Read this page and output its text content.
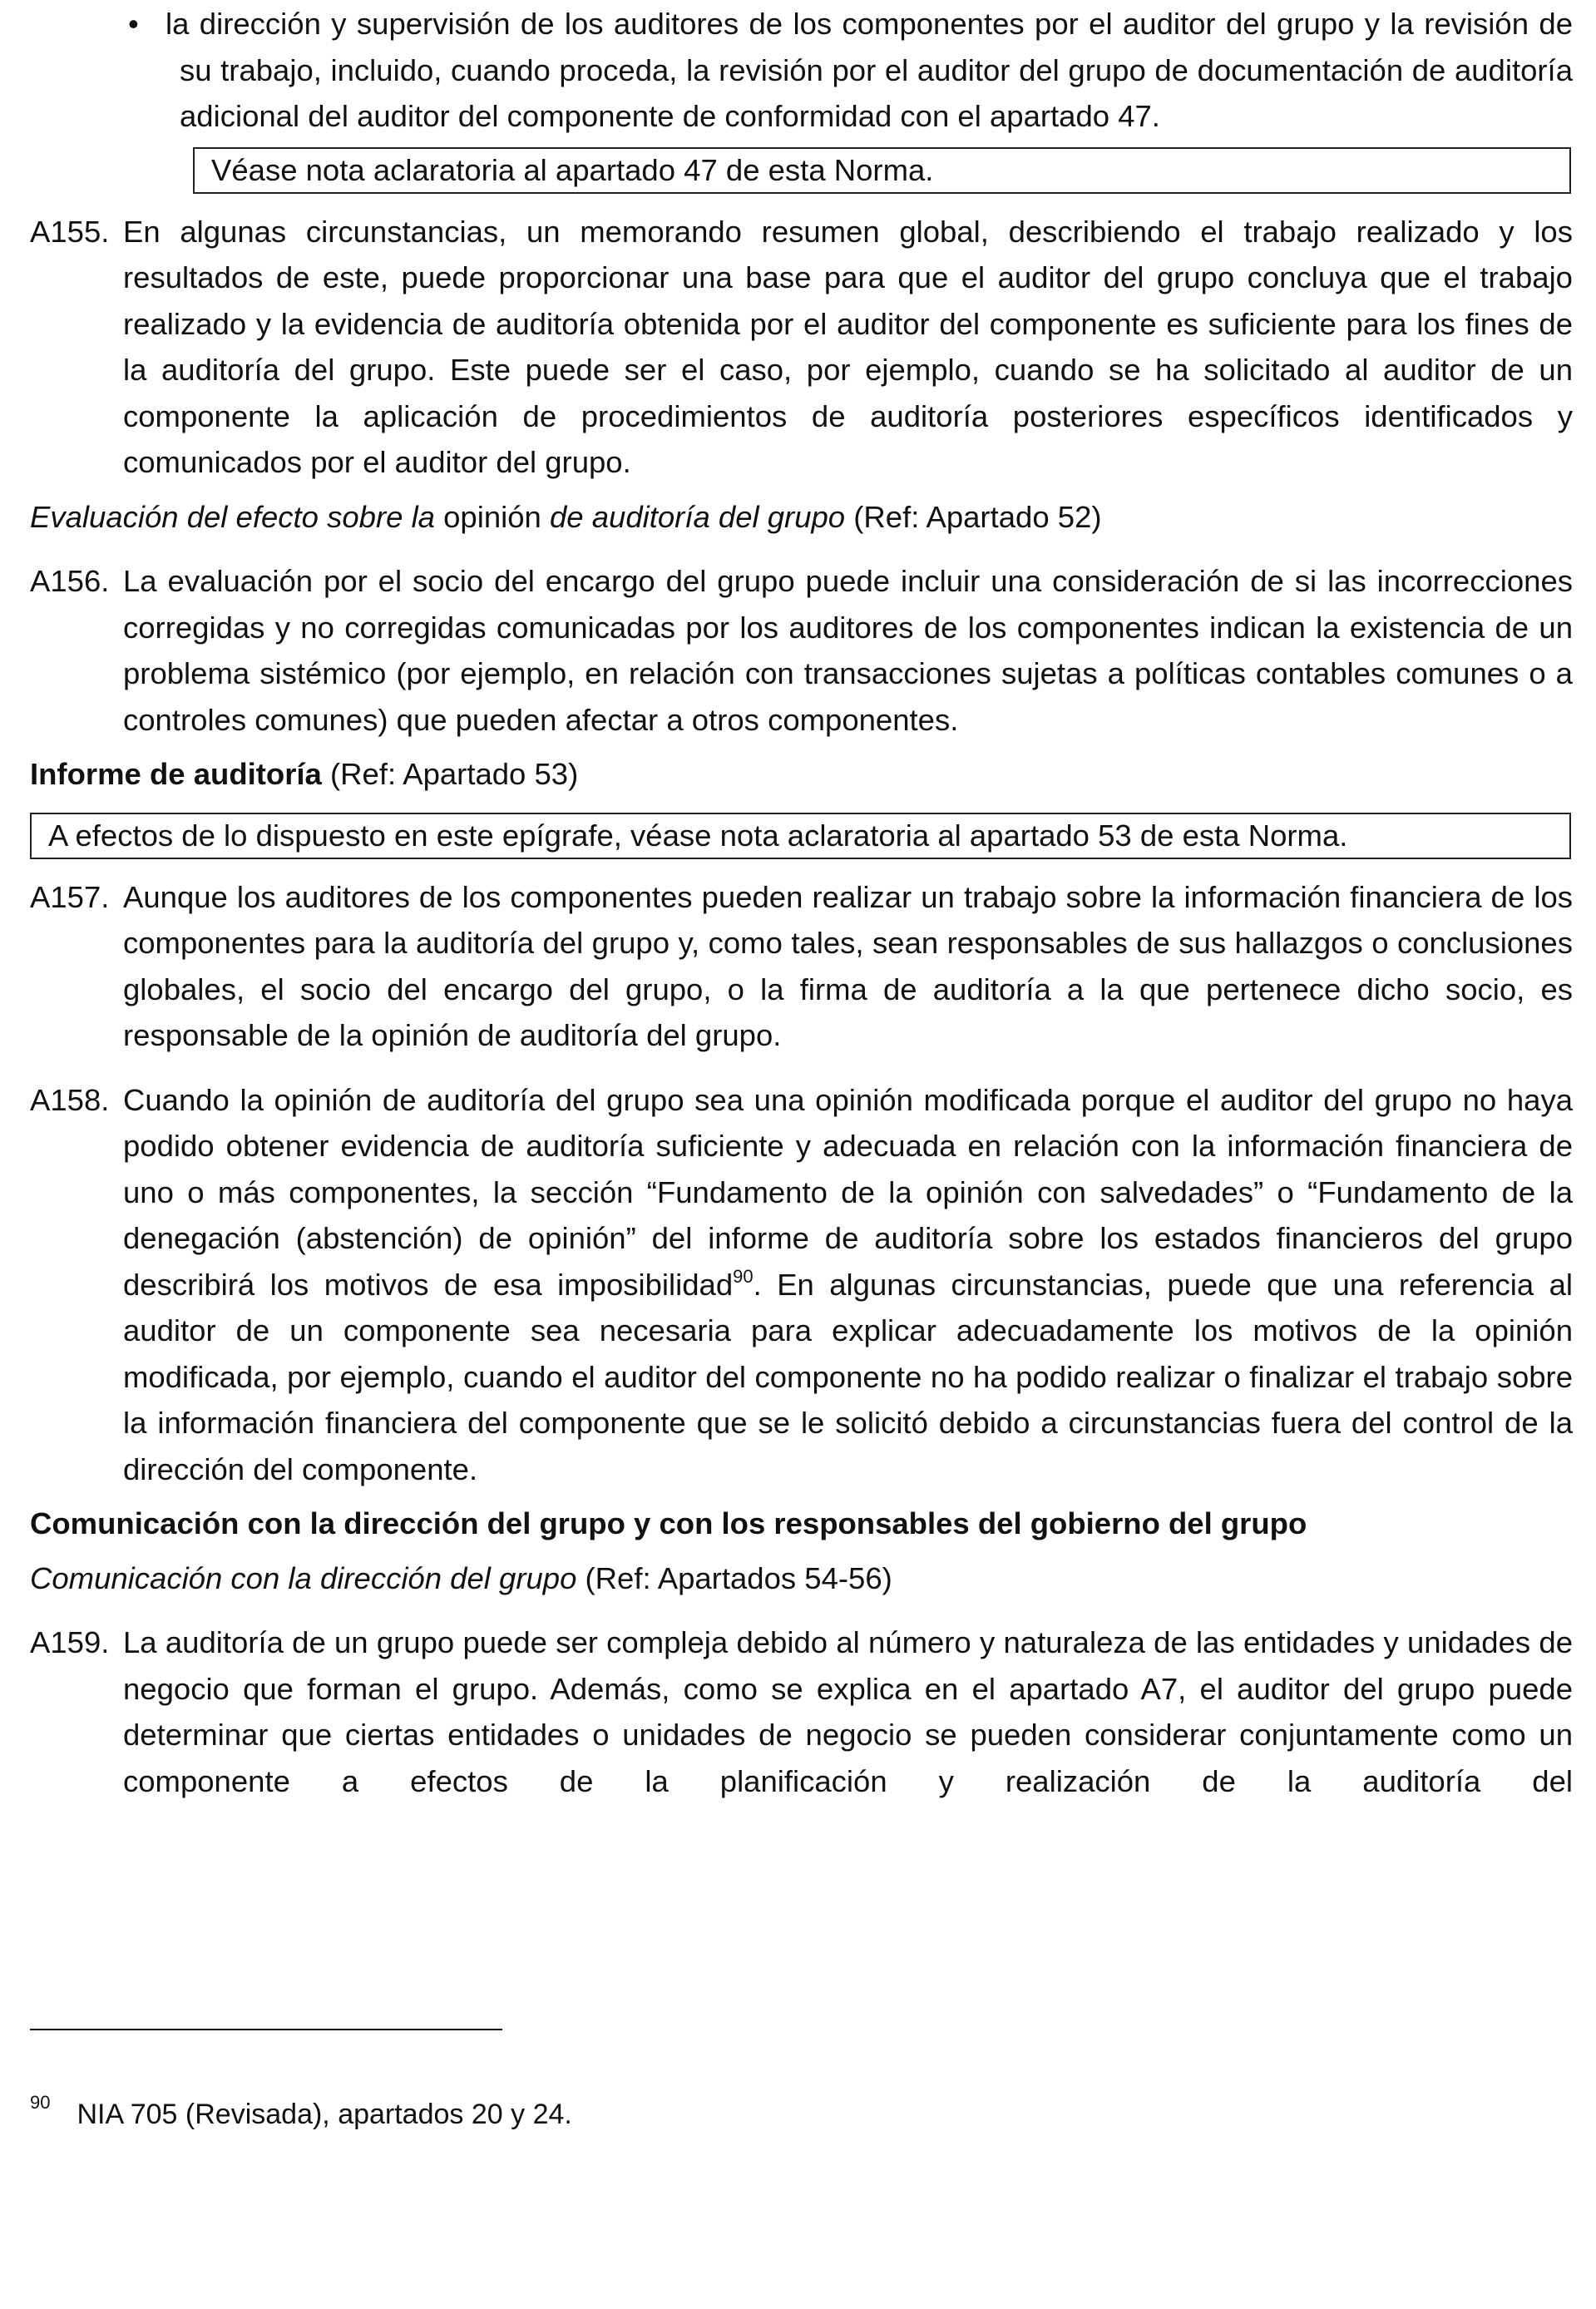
• la dirección y supervisión de los auditores de los componentes por el auditor del grupo y la revisión de su trabajo, incluido, cuando proceda, la revisión por el auditor del grupo de documentación de auditoría adicional del auditor del componente de conformidad con el apartado 47.
Véase nota aclaratoria al apartado 47 de esta Norma.
A155. En algunas circunstancias, un memorando resumen global, describiendo el trabajo realizado y los resultados de este, puede proporcionar una base para que el auditor del grupo concluya que el trabajo realizado y la evidencia de auditoría obtenida por el auditor del componente es suficiente para los fines de la auditoría del grupo. Este puede ser el caso, por ejemplo, cuando se ha solicitado al auditor de un componente la aplicación de procedimientos de auditoría posteriores específicos identificados y comunicados por el auditor del grupo.
Evaluación del efecto sobre la opinión de auditoría del grupo (Ref: Apartado 52)
A156. La evaluación por el socio del encargo del grupo puede incluir una consideración de si las incorrecciones corregidas y no corregidas comunicadas por los auditores de los componentes indican la existencia de un problema sistémico (por ejemplo, en relación con transacciones sujetas a políticas contables comunes o a controles comunes) que pueden afectar a otros componentes.
Informe de auditoría (Ref: Apartado 53)
A efectos de lo dispuesto en este epígrafe, véase nota aclaratoria al apartado 53 de esta Norma.
A157. Aunque los auditores de los componentes pueden realizar un trabajo sobre la información financiera de los componentes para la auditoría del grupo y, como tales, sean responsables de sus hallazgos o conclusiones globales, el socio del encargo del grupo, o la firma de auditoría a la que pertenece dicho socio, es responsable de la opinión de auditoría del grupo.
A158. Cuando la opinión de auditoría del grupo sea una opinión modificada porque el auditor del grupo no haya podido obtener evidencia de auditoría suficiente y adecuada en relación con la información financiera de uno o más componentes, la sección “Fundamento de la opinión con salvedades” o “Fundamento de la denegación (abstención) de opinión” del informe de auditoría sobre los estados financieros del grupo describirá los motivos de esa imposibilidad$^{90}$. En algunas circunstancias, puede que una referencia al auditor de un componente sea necesaria para explicar adecuadamente los motivos de la opinión modificada, por ejemplo, cuando el auditor del componente no ha podido realizar o finalizar el trabajo sobre la información financiera del componente que se le solicitó debido a circunstancias fuera del control de la dirección del componente.
Comunicación con la dirección del grupo y con los responsables del gobierno del grupo
Comunicación con la dirección del grupo (Ref: Apartados 54-56)
A159. La auditoría de un grupo puede ser compleja debido al número y naturaleza de las entidades y unidades de negocio que forman el grupo. Además, como se explica en el apartado A7, el auditor del grupo puede determinar que ciertas entidades o unidades de negocio se pueden considerar conjuntamente como un componente a efectos de la planificación y realización de la auditoría del
$^{90}$ NIA 705 (Revisada), apartados 20 y 24.
